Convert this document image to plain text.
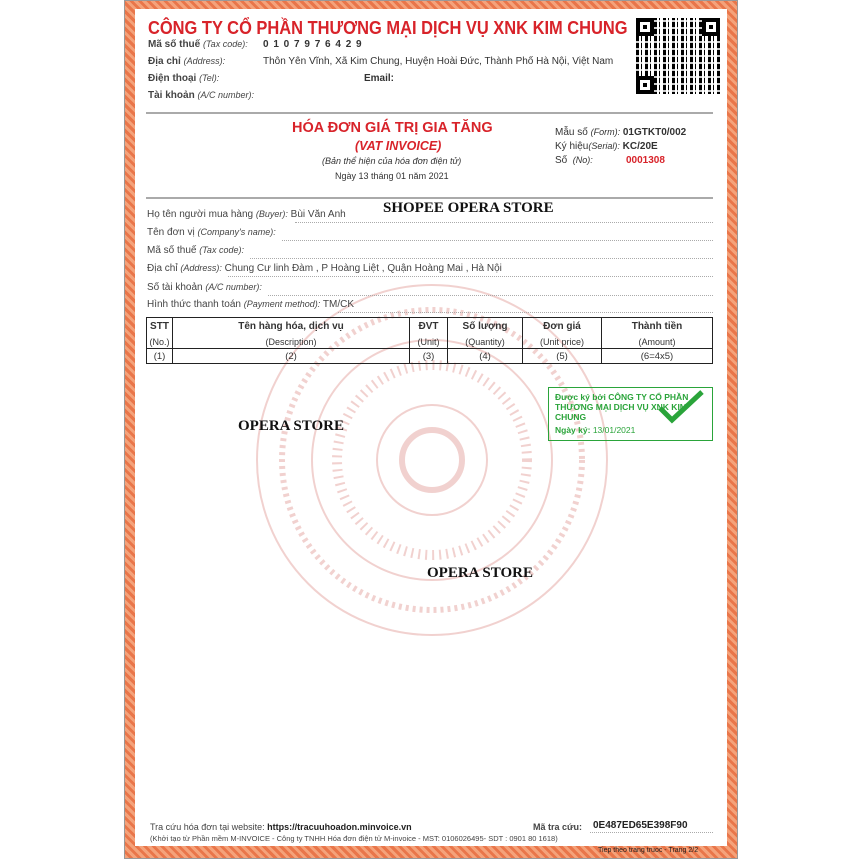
CÔNG TY CỔ PHẦN THƯƠNG MẠI DỊCH VỤ XNK KIM CHUNG
Mã số thuế (Tax code): 0 1 0 7 9 7 6 4 2 9
Địa chỉ (Address):	Thôn Yên Vĩnh, Xã Kim Chung, Huyện Hoài Đức, Thành Phố Hà Nội, Việt Nam
Điện thoại (Tel):	Email:
Tài khoản (A/C number):
HÓA ĐƠN GIÁ TRỊ GIA TĂNG
(VAT INVOICE)
(Bản thể hiện của hóa đơn điện tử)
Ngày 13 tháng 01 năm 2021
Mẫu số (Form): 01GTKT0/002
Ký hiệu(Serial): KC/20E
Số (No):	0001308
Họ tên người mua hàng (Buyer): Bùi Văn Anh
Tên đơn vị (Company's name):
Mã số thuế (Tax code):
Địa chỉ (Address): Chung Cư linh Đàm , P Hoàng Liệt , Quận Hoàng Mai , Hà Nội
Số tài khoản (A/C number):
Hình thức thanh toán (Payment method): TM/CK
STT	Tên hàng hóa, dịch vụ	ĐVT	Số lượng	Đơn giá	Thành tiền
(No.)	(Description)	(Unit)	(Quantity)	(Unit price)	(Amount)
(1)	(2)	(3)	(4)	(5)	(6=4x5)
SHOPEE OPERA STORE
OPERA STORE
OPERA STORE
Được ký bởi CÔNG TY CỔ PHẦN THƯƠNG MẠI DỊCH VỤ XNK KIM CHUNG
Ngày ký: 13/01/2021
Tra cứu hóa đơn tại website: https://tracuuhoadon.minvoice.vn	Mã tra cứu: 0E487ED65E398F90
(Khởi tạo từ Phần mềm M-INVOICE - Công ty TNHH Hóa đơn điện tử M-invoice - MST: 0106026495- SDT : 0901 80 1618)
Tiep theo trang truoc - Trang 2/2
